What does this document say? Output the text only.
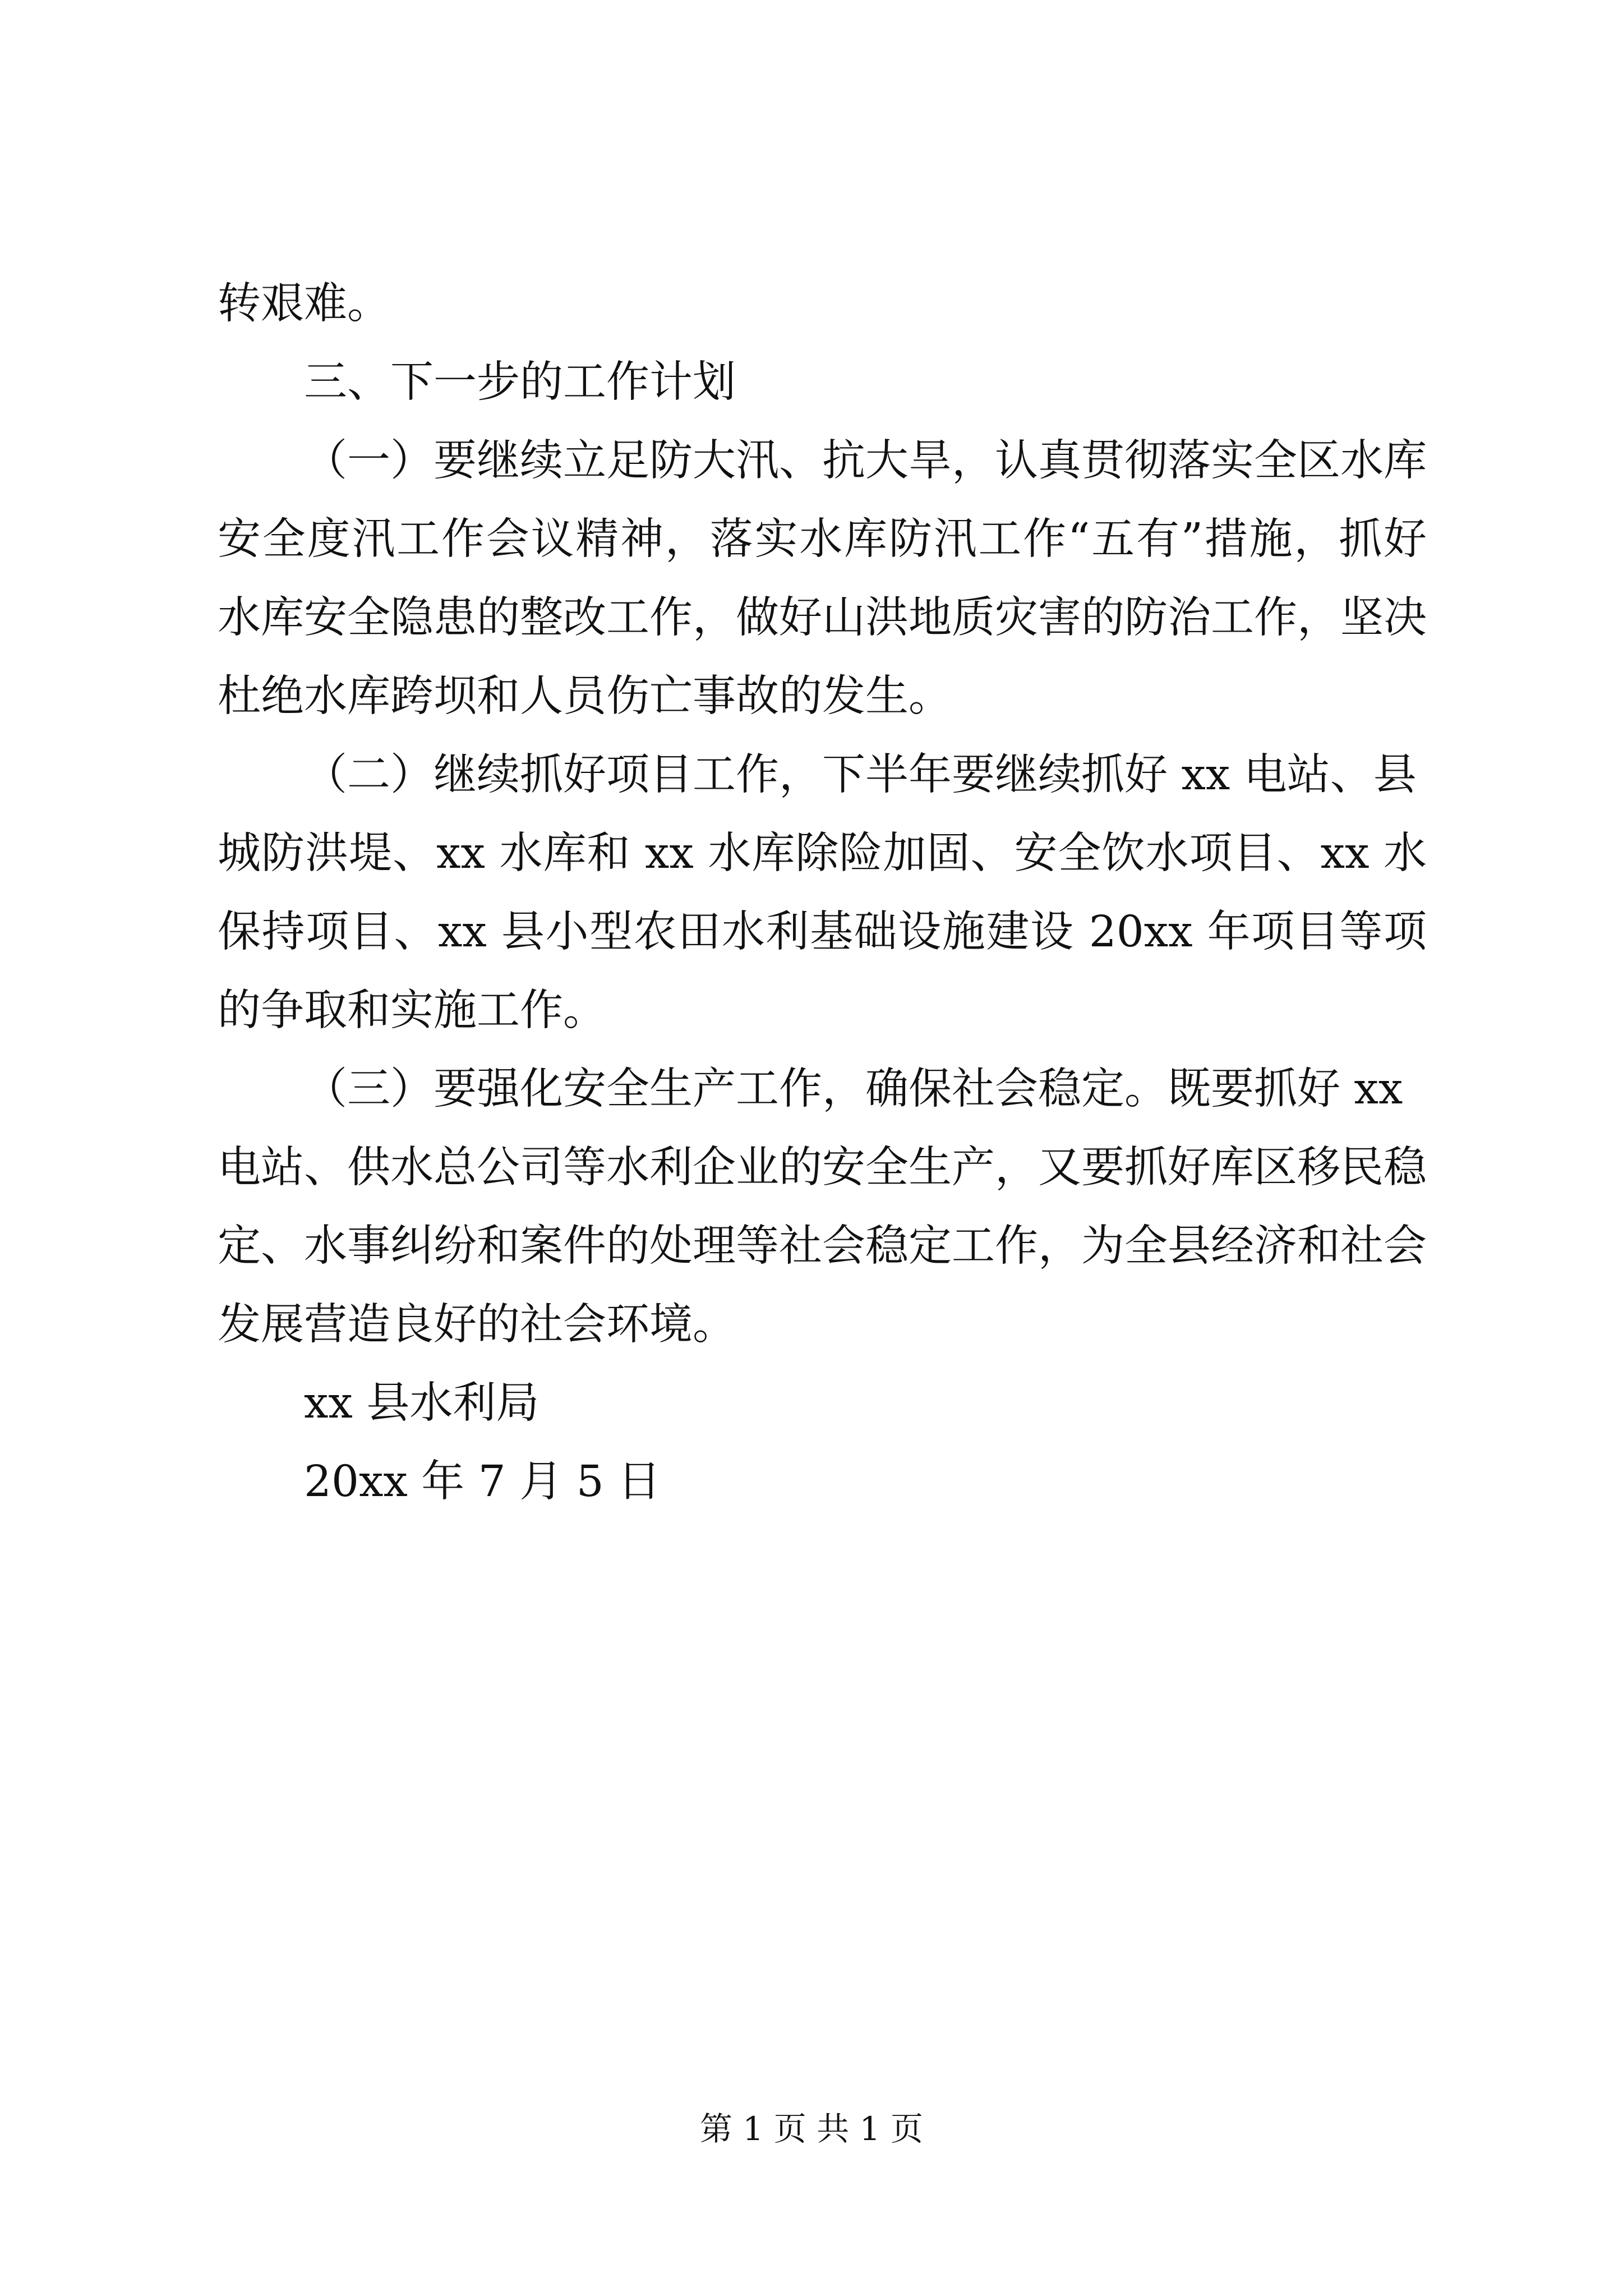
转艰难。
三、下一步的工作计划
（一）要继续立足防大汛、抗大旱，认真贯彻落实全区水库
安全度汛工作会议精神，落实水库防汛工作“五有”措施，抓好
水库安全隐患的整改工作，做好山洪地质灾害的防治工作，坚决
杜绝水库跨坝和人员伤亡事故的发生。
（二）继续抓好项目工作，下半年要继续抓好 xx 电站、县
城防洪堤、xx 水库和 xx 水库除险加固、安全饮水项目、xx 水
保持项目、xx 县小型农田水利基础设施建设 20xx 年项目等项
的争取和实施工作。
（三）要强化安全生产工作，确保社会稳定。既要抓好 xx
电站、供水总公司等水利企业的安全生产，又要抓好库区移民稳
定、水事纠纷和案件的处理等社会稳定工作，为全县经济和社会
发展营造良好的社会环境。
xx 县水利局
20xx 年 7 月 5 日
第 1 页 共 1 页
